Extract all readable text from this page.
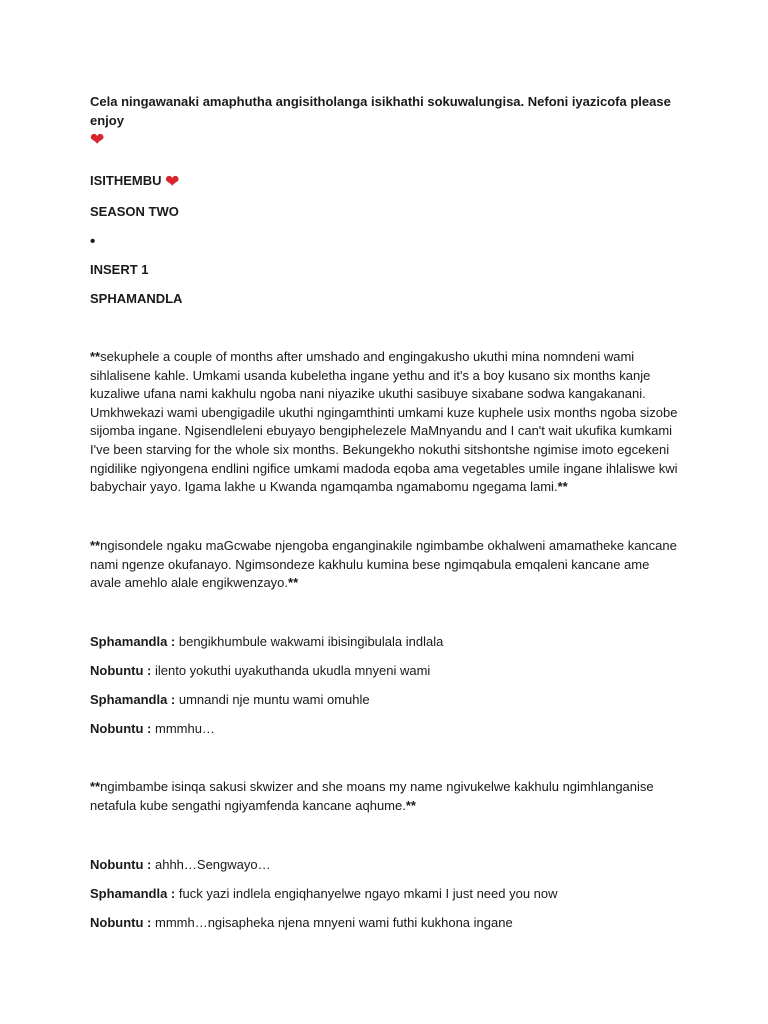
Cela ningawanaki amaphutha angisitholanga isikhathi sokuwalungisa. Nefoni iyazicofa please enjoy
❤
ISITHEMBU ❤
SEASON TWO
•
INSERT 1
SPHAMANDLA
**sekuphele a couple of months after umshado and engingakusho ukuthi mina nomndeni wami sihlalisene kahle. Umkami usanda kubeletha ingane yethu and it's a boy kusano six months kanje kuzaliwe ufana nami kakhulu ngoba nani niyazike ukuthi sasibuye sixabane sodwa kangakanani. Umkhwekazi wami ubengigadile ukuthi ngingamthinti umkami kuze kuphele usix months ngoba sizobe sijomba ingane. Ngisendleleni ebuyayo bengiphelezele MaMnyandu and I can't wait ukufika kumkami I've been starving for the whole six months. Bekungekho nokuthi sitshontshe ngimise imoto egcekeni ngidilike ngiyongena endlini ngifice umkami madoda eqoba ama vegetables umile ingane ihlaliswe kwi babychair yayo. Igama lakhe u Kwanda ngamqamba ngamabomu ngegama lami.**
**ngisondele ngaku maGcwabe njengoba enganginakile ngimbambe okhalweni amamatheke kancane nami ngenze okufanayo. Ngimsondeze kakhulu kumina bese ngimqabula emqaleni kancane ame avale amehlo alale engikwenzayo.**
Sphamandla : bengikhumbule wakwami ibisingibulala indlala
Nobuntu : ilento yokuthi uyakuthanda ukudla mnyeni wami
Sphamandla : umnandi nje muntu wami omuhle
Nobuntu : mmmhu…
**ngimbambe isinqa sakusi skwizer and she moans my name ngivukelwe kakhulu ngimhlanganise netafula kube sengathi ngiyamfenda kancane aqhume.**
Nobuntu : ahhh…Sengwayo…
Sphamandla : fuck yazi indlela engiqhanyelwe ngayo mkami I just need you now
Nobuntu : mmmh…ngisapheka njena mnyeni wami futhi kukhona ingane
